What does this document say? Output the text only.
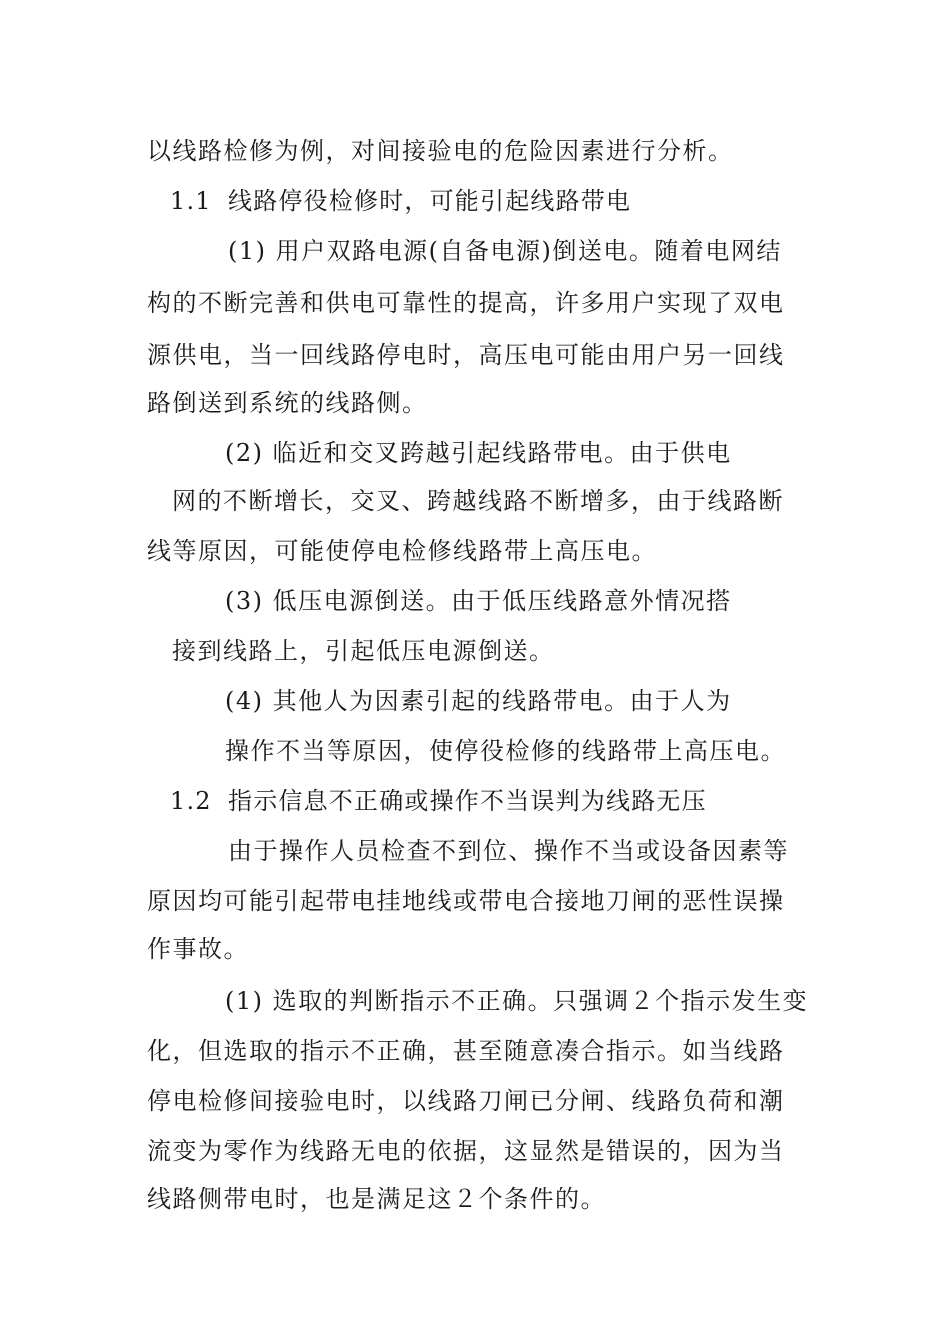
以线路检修为例，对间接验电的危险因素进行分析。
1.1 线路停役检修时，可能引起线路带电
(1) 用户双路电源(自备电源)倒送电。随着电网结
构的不断完善和供电可靠性的提高，许多用户实现了双电
源供电，当一回线路停电时，高压电可能由用户另一回线
路倒送到系统的线路侧。
(2) 临近和交叉跨越引起线路带电。由于供电
网的不断增长，交叉、跨越线路不断增多，由于线路断
线等原因，可能使停电检修线路带上高压电。
(3) 低压电源倒送。由于低压线路意外情况搭
接到线路上，引起低压电源倒送。
(4) 其他人为因素引起的线路带电。由于人为
操作不当等原因，使停役检修的线路带上高压电。
1.2 指示信息不正确或操作不当误判为线路无压
由于操作人员检查不到位、操作不当或设备因素等
原因均可能引起带电挂地线或带电合接地刀闸的恶性误操
作事故。
(1) 选取的判断指示不正确。只强调２个指示发生变
化，但选取的指示不正确，甚至随意凑合指示。如当线路
停电检修间接验电时，以线路刀闸已分闸、线路负荷和潮
流变为零作为线路无电的依据，这显然是错误的，因为当
线路侧带电时，也是满足这２个条件的。
